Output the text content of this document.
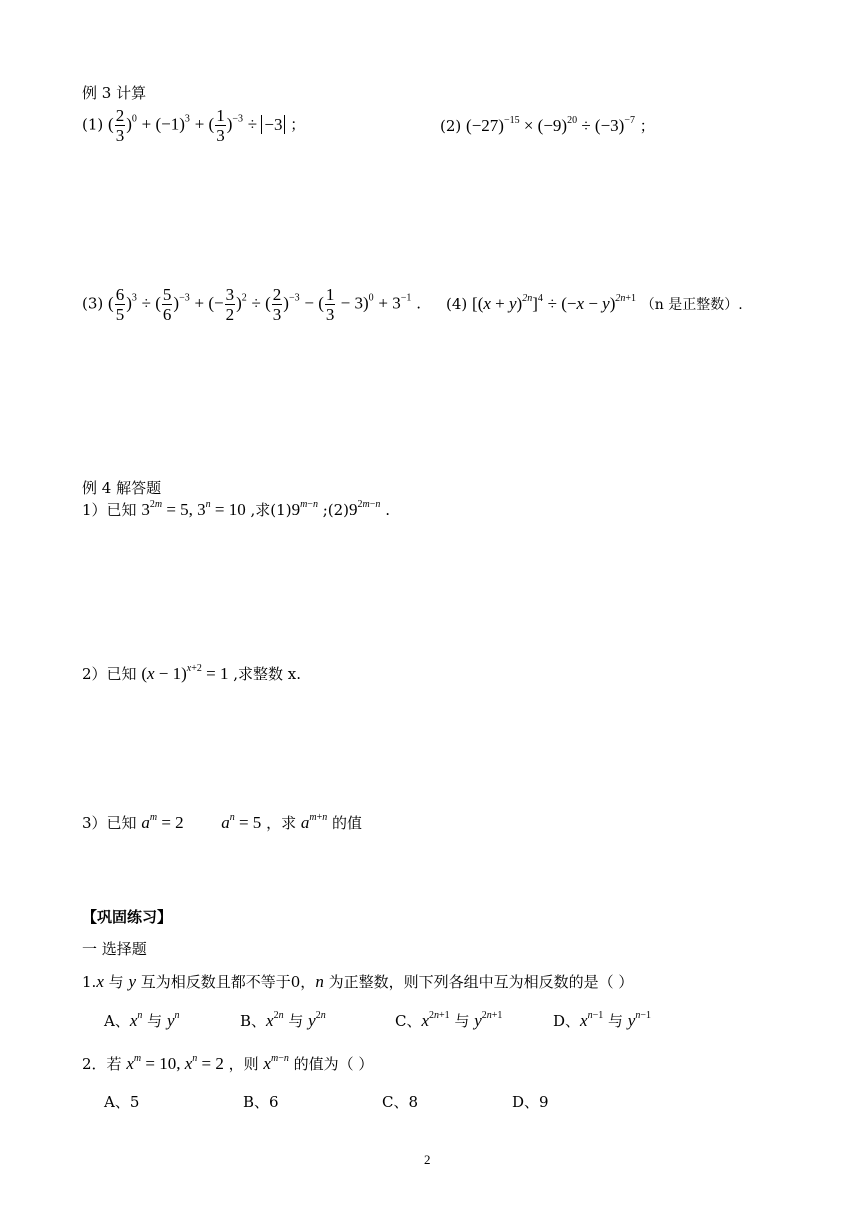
例 3 计算
(1) ( $\frac{2}{3} )^0 + (-1)^3$ + ( $\frac{1}{3} )^{-3} \div -3$ ；	(2) $(-27)^{-15} \times (-9)^{20} \div (-3)^{-7}$ ；
(3) ( $\frac{6}{5} )^3$ ÷ ( $\frac{5}{6} )^{-3}$ + (− $\frac{3}{2} )^2$ ÷ ( $\frac{2}{3} )^{-3}$ − ( $\frac{1}{3} - 3)^0 + 3^{-1}$ . (4) $[(x + y)^{2n}]^4 \div (-x - y)^{2n+1}$ （n 是正整数）.
例 4 解答题
1）已知 $3^{2m} = 5$, $3^n = 10$ ,求$(1)9^{m-n}$ $;(2)9^{2m-n}$ .
2）已知 $(x - 1)^{x+2} = 1$ ,求整数 x.
3）已知 $a^m = 2$ $a^n = 5$ ，求 $a^{m+n}$ 的值
【巩固练习】
一 选择题
1.x 与 y 互为相反数且都不等于0，n 为正整数，则下列各组中互为相反数的是（ ）
A、$x^n$ 与 $y^n$	B、$x^{2n}$ 与 $y^{2n}$	C、$x^{2n+1}$ 与 $y^{2n+1}$	D、$x^{n-1}$ 与 $y^{n-1}$
2．若 $x^m = 10$, $x^n = 2$ ，则 $x^{m-n}$ 的值为（ ）
A、5	B、6	C、8	D、9
2
